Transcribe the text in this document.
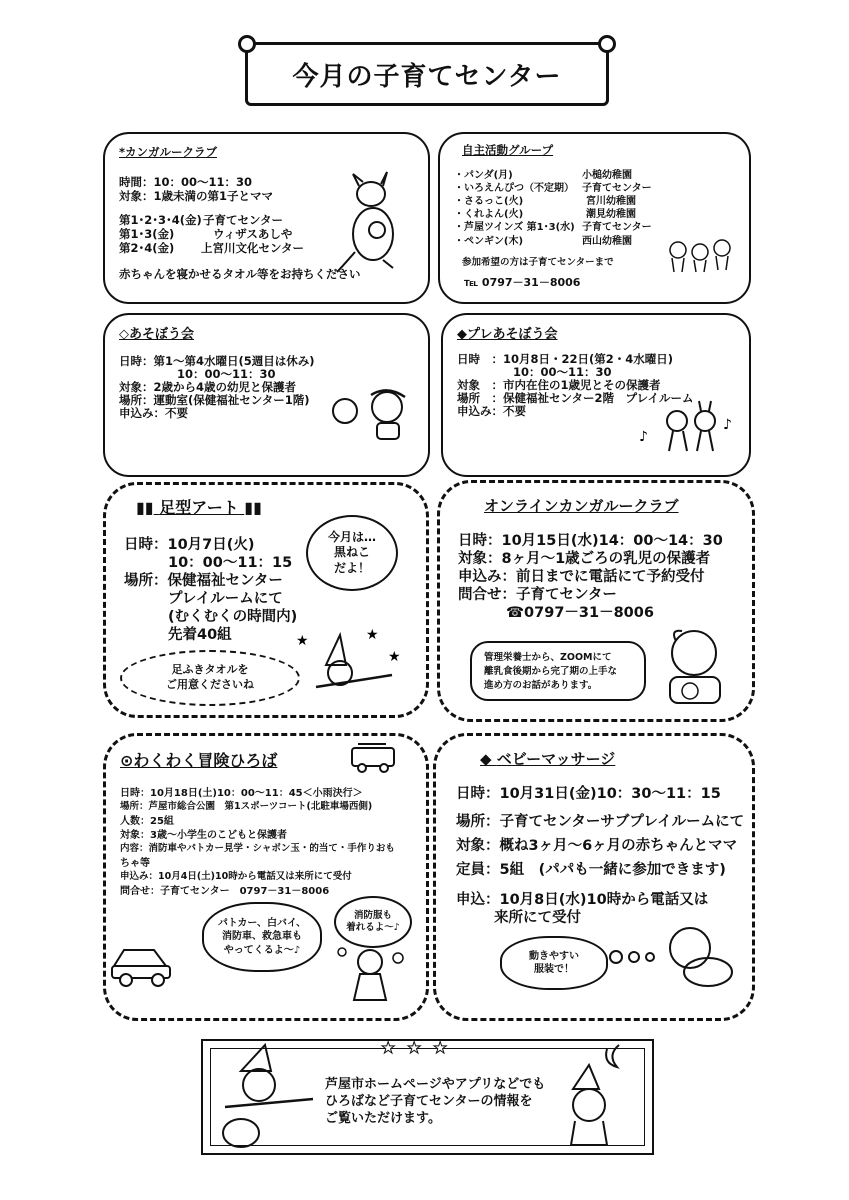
今月の子育てセンター
*カンガルークラブ
時間：10：00～11：30
対象：1歳未満の第1子とママ
第1･2･3･4(金) 子育てセンター
第1･3(金)	ウィザスあしや
第2･4(金) 上宮川文化センター
赤ちゃんを寝かせるタオル等をお持ちください
自主活動グループ
・パンダ(月)	小槌幼稚園
・いろえんぴつ（不定期） 子育てセンター
・さるっこ(火)	宮川幼稚園
・くれよん(火)	潮見幼稚園
・芦屋ツインズ 第1･3(水) 子育てセンター
・ペンギン(木)	西山幼稚園
参加希望の方は子育てセンターまで
℡ 0797－31－8006
◇あそぼう会
日時：第1～第4水曜日(5週目は休み)
10：00～11：30
対象：2歳から4歳の幼児と保護者
場所：運動室(保健福祉センター1階)
申込み：不要
◆プレあそぼう会
日時　：10月8日・22日(第2・4水曜日)
10：00～11：30
対象　：市内在住の1歳児とその保護者
場所　：保健福祉センター2階　プレイルーム
申込み：不要
♪
♪
▮▮ 足型アート ▮▮
日時：10月7日(火)
10：00～11：15
場所：保健福祉センター
プレイルームにて
(むくむくの時間内)
先着40組
今月は…
黒ねこ
だよ！
足ふきタオルを
ご用意くださいね
★	★
★
オンラインカンガルークラブ
日時：10月15日(水)14：00～14：30
対象：8ヶ月～1歳ごろの乳児の保護者
申込み：前日までに電話にて予約受付
問合せ：子育てセンター
☎0797－31－8006
管理栄養士から、ZOOMにて
離乳食後期から完了期の上手な
進め方のお話があります。
⊙わくわく冒険ひろば
日時：10月18日(土)10：00～11：45＜小雨決行＞
場所：芦屋市総合公園　第1スポーツコート(北駐車場西側)
人数：25組
対象：3歳～小学生のこどもと保護者
内容：消防車やパトカー見学・シャボン玉・的当て・手作りおも
ちゃ等
申込み：10月4日(土)10時から電話又は来所にて受付
問合せ：子育てセンター　0797－31－8006
パトカー、白バイ、
消防車、救急車も
やってくるよ～♪
消防服も
着れるよ～♪
◆ ベビーマッサージ
日時：10月31日(金)10：30～11：15
場所：子育てセンターサブプレイルームにて
対象：概ね3ヶ月～6ヶ月の赤ちゃんとママ
定員：5組　(パパも一緒に参加できます)
申込：10月8日(水)10時から電話又は
来所にて受付
動きやすい
服装で！
芦屋市ホームページやアプリなどでも
ひろばなど子育てセンターの情報を
ご覧いただけます。
★ ★ ★
